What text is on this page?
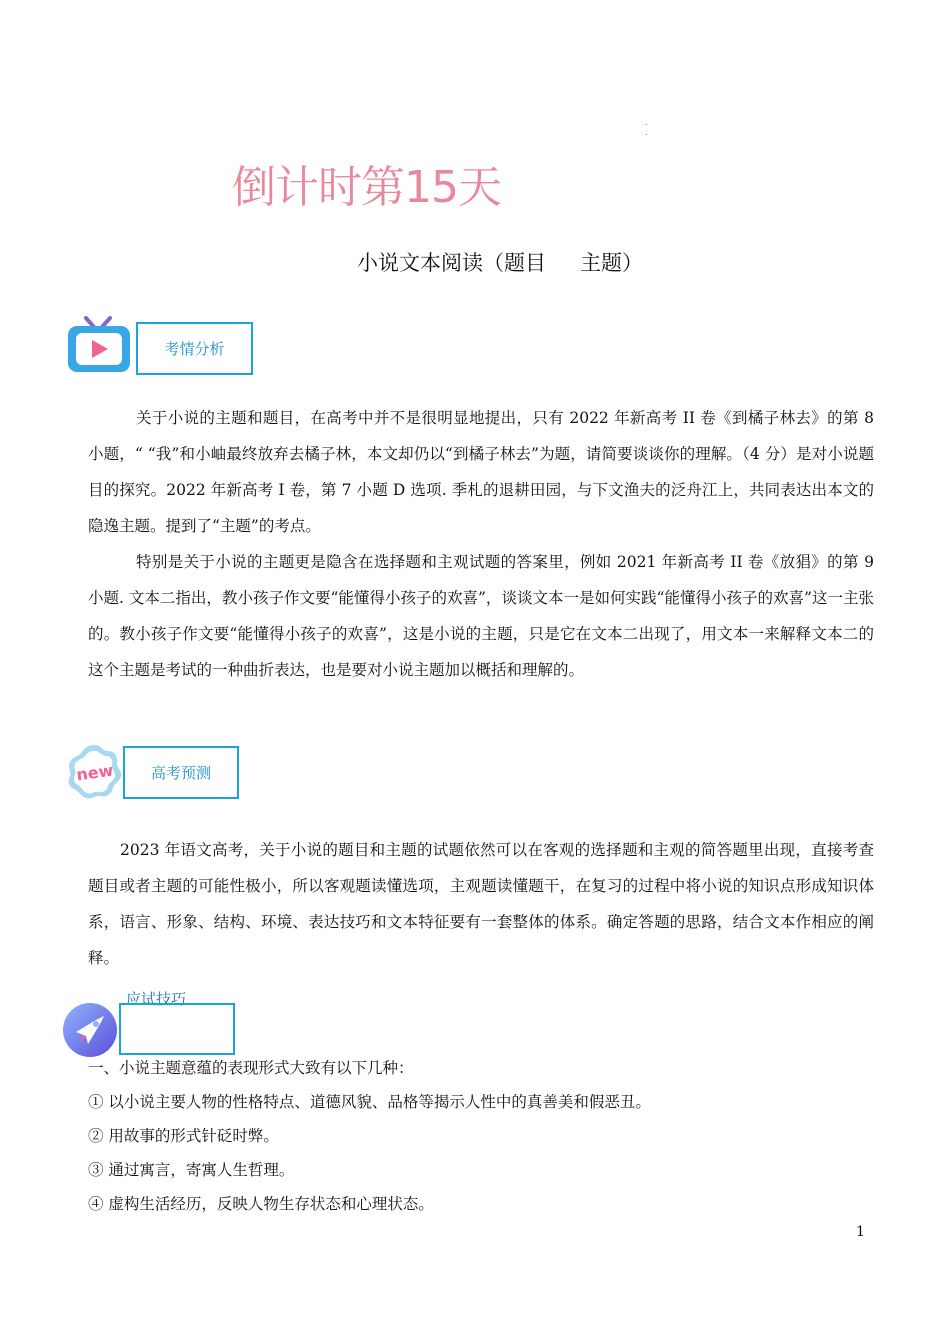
.
.
倒计时第15天
小说文本阅读（题目 主题）
考情分析

关于小说的主题和题目，在高考中并不是很明显地提出，只有 2022 年新高考 II 卷《到橘子林去》的第 8 小题，“ “我”和小岫最终放弃去橘子林，本文却仍以“到橘子林去”为题，请简要谈谈你的理解。（4 分）是对小说题目的探究。2022 年新高考 I 卷，第 7 小题 D 选项. 季札的退耕田园，与下文渔夫的泛舟江上，共同表达出本文的隐逸主题。提到了“主题”的考点。

特别是关于小说的主题更是隐含在选择题和主观试题的答案里，例如 2021 年新高考 II 卷《放猖》的第 9 小题. 文本二指出，教小孩子作文要“能懂得小孩子的欢喜”，谈谈文本一是如何实践“能懂得小孩子的欢喜”这一主张的。教小孩子作文要“能懂得小孩子的欢喜”，这是小说的主题，只是它在文本二出现了，用文本一来解释文本二的这个主题是考试的一种曲折表达，也是要对小说主题加以概括和理解的。

new 高考预测

2023 年语文高考，关于小说的题目和主题的试题依然可以在客观的选择题和主观的简答题里出现，直接考查题目或者主题的可能性极小，所以客观题读懂选项，主观题读懂题干，在复习的过程中将小说的知识点形成知识体系，语言、形象、结构、环境、表达技巧和文本特征要有一套整体的体系。确定答题的思路，结合文本作相应的阐释。

应试技巧
一、小说主题意蕴的表现形式大致有以下几种：
① 以小说主要人物的性格特点、道德风貌、品格等揭示人性中的真善美和假恶丑。
② 用故事的形式针砭时弊。
③ 通过寓言，寄寓人生哲理。
④ 虚构生活经历，反映人物生存状态和心理状态。
1
